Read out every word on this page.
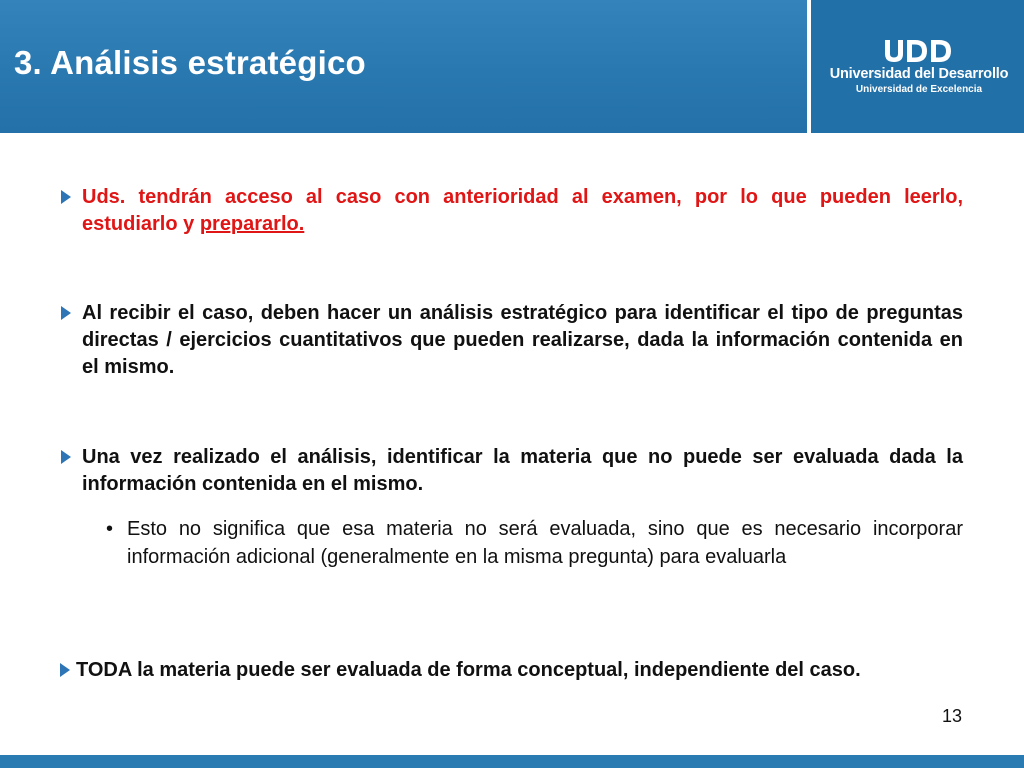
3. Análisis estratégico	Universidad del Desarrollo
Universidad de Excelencia
Uds. tendrán acceso al caso con anterioridad al examen, por lo que pueden leerlo, estudiarlo y prepararlo.
Al recibir el caso, deben hacer un análisis estratégico para identificar el tipo de preguntas directas / ejercicios cuantitativos que pueden realizarse, dada la información contenida en el mismo.
Una vez realizado el análisis, identificar la materia que no puede ser evaluada dada la información contenida en el mismo.
• Esto no significa que esa materia no será evaluada, sino que es necesario incorporar información adicional (generalmente en la misma pregunta) para evaluarla
TODA la materia puede ser evaluada de forma conceptual, independiente del caso.
13
